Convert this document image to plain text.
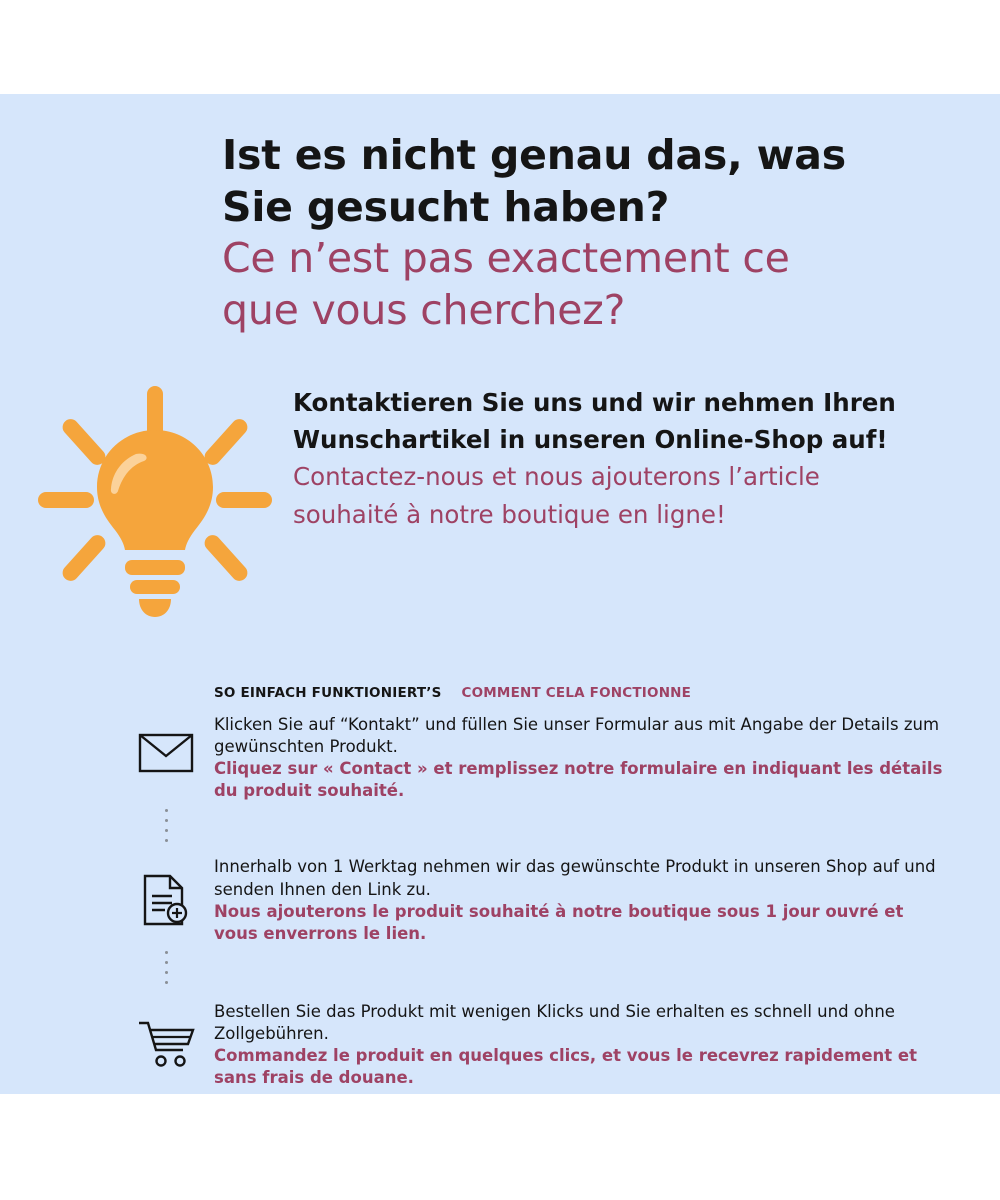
Ist es nicht genau das, was
Sie gesucht haben?
Ce n’est pas exactement ce
que vous cherchez?
Kontaktieren Sie uns und wir nehmen Ihren Wunschartikel in unseren Online-Shop auf!
Contactez-nous et nous ajouterons l’article souhaité à notre boutique en ligne!
SO EINFACH FUNKTIONIERT’S COMMENT CELA FONCTIONNE
Klicken Sie auf “Kontakt” und füllen Sie unser Formular aus mit Angabe der Details zum gewünschten Produkt.
Cliquez sur « Contact » et remplissez notre formulaire en indiquant les détails du produit souhaité.
Innerhalb von 1 Werktag nehmen wir das gewünschte Produkt in unseren Shop auf und senden Ihnen den Link zu.
Nous ajouterons le produit souhaité à notre boutique sous 1 jour ouvré et vous enverrons le lien.
Bestellen Sie das Produkt mit wenigen Klicks und Sie erhalten es schnell und ohne Zollgebühren.
Commandez le produit en quelques clics, et vous le recevrez rapidement et sans frais de douane.
